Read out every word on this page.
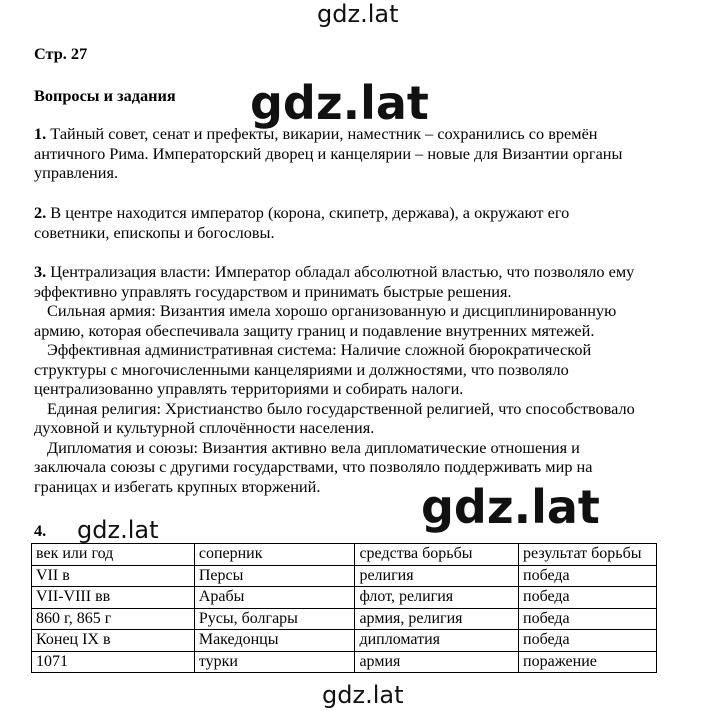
gdz.lat
gdz.lat
gdz.lat
gdz.lat
gdz.lat
Стр. 27
Вопросы и задания
1. Тайный совет, сенат и префекты, викарии, наместник – сохранились со времён
античного Рима. Императорский дворец и канцелярии – новые для Византии органы
управления.
2. В центре находится император (корона, скипетр, держава), а окружают его
советники, епископы и богословы.
3. Централизация власти: Император обладал абсолютной властью, что позволяло ему
эффективно управлять государством и принимать быстрые решения.
Сильная армия: Византия имела хорошо организованную и дисциплинированную
армию, которая обеспечивала защиту границ и подавление внутренних мятежей.
Эффективная административная система: Наличие сложной бюрократической
структуры с многочисленными канцеляриями и должностями, что позволяло
централизованно управлять территориями и собирать налоги.
Единая религия: Христианство было государственной религией, что способствовало
духовной и культурной сплочённости населения.
Дипломатия и союзы: Византия активно вела дипломатические отношения и
заключала союзы с другими государствами, что позволяло поддерживать мир на
границах и избегать крупных вторжений.
4.
век или год	соперник	средства борьбы	результат борьбы
VII в	Персы	религия	победа
VII-VIII вв	Арабы	флот, религия	победа
860 г, 865 г	Русы, болгары	армия, религия	победа
Конец IX в	Македонцы	дипломатия	победа
1071	турки	армия	поражение
